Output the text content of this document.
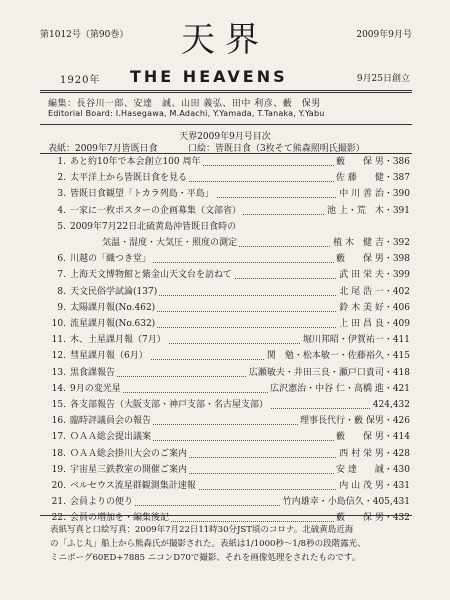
第1012号（第90巻）	天界	2009年9月号
1920年 THE HEAVENS	9月25日創立
編集：長谷川一郎、安達　誠、山田 義弘、田中 利彦、藪　保男
Editorial Board: I.Hasegawa, M.Adachi, Y.Yamada, T.Tanaka, Y.Yabu
天界2009年9月号目次
表紙：2009年7月皆既日食	口絵：皆既日食（3枚そて熊森照明氏撮影）
1. あと約10年で本会創立100 周年	藪　　保 男・386
2. 太平洋上から皆既日食を見る	佐 藤　　健・387
3. 皆既日食観望「トカラ列島・平島」	中 川 善 治・390
4. 一家に一枚ポスターの企画募集（文部省）	池 上・荒　木・391
5. 2009年7月22日北硫黄島沖皆既日食時の
気温・湿度・大気圧・照度の測定	植 木　健 吉・392
6. 川越の「織つき堂」	藪　　保 男・398
7. 上海天文博物館と紫金山天文台を訪ねて	武 田 栄 夫・399
8. 天文民俗学試論(137)	北 尾 浩 一・402
9. 太陽課月報(No.462)	鈴 木 美 好・406
10. 流星課月報(No.632)	上 田 昌 良・409
11. 木、土星課月報（7月）	堀川邦昭・伊賀祐一・411
12. 彗星課月報（6月）	関　勉・松本敏一・佐藤裕久・415
13. 黒食課報告	広瀬敏夫・井田三良・瀬戸口貴司・418
14. 9月の変光星	広沢憲治・中谷 仁・高橋 進・421
15. 各支部報告（大阪支部・神戸支部・名古屋支部）	424,432
16. 臨時評議員会の報告	理事長代行・藪 保男・426
17. ＯＡＡ総会提出議案	藪　　保 男・414
18. ＯＡＡ総会掛川大会のご案内	西 村 栄 男・428
19. 宇宙星三鉄教室の開催ご案内	安 達　　誠・430
20. ベルセウス流星群観測集計速報	内 山 茂 男・431
21. 会員よりの便り	竹内雄幸・小島信久・405,431
22. 会員の増加を・編集後記	藪　　保 男・432
表紙写真と口絵写真：2009年7月22日11時30分JST頃のコロナ。北硫黄島近海
の「ふじ丸」船上から熊森氏が撮影された。表紙は1/1000秒～1/8秒の段階露光、
ミニボーグ60ED+7885 ニコンD70で撮影、それを画像処理をされたものです。
